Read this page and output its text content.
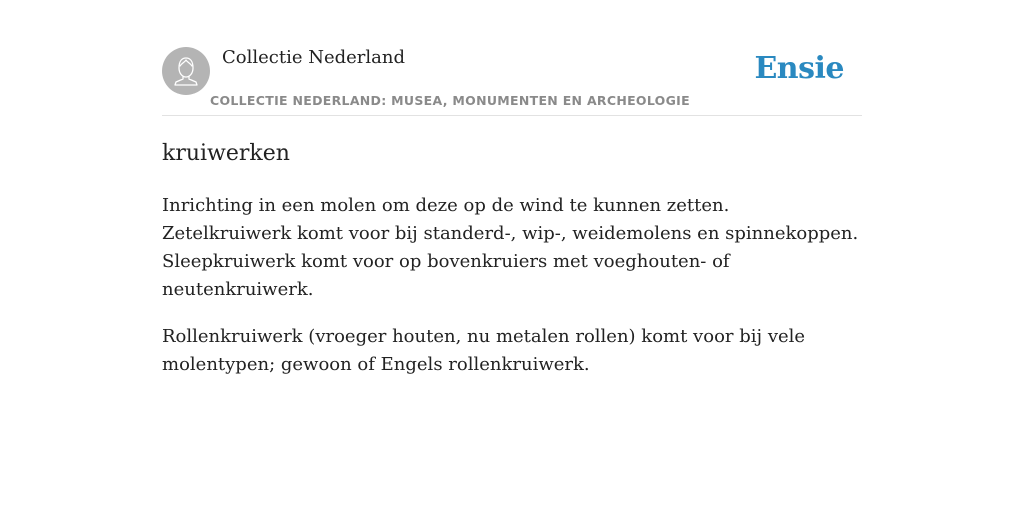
Collectie Nederland
COLLECTIE NEDERLAND: MUSEA, MONUMENTEN EN ARCHEOLOGIE
Ensie
kruiwerken

Inrichting in een molen om deze op de wind te kunnen zetten. Zetelkruiwerk komt voor bij standerd-, wip-, weidemolens en spinnekoppen. Sleepkruiwerk komt voor op bovenkruiers met voeghouten- of neutenkruiwerk.

Rollenkruiwerk (vroeger houten, nu metalen rollen) komt voor bij vele molentypen; gewoon of Engels rollenkruiwerk.
